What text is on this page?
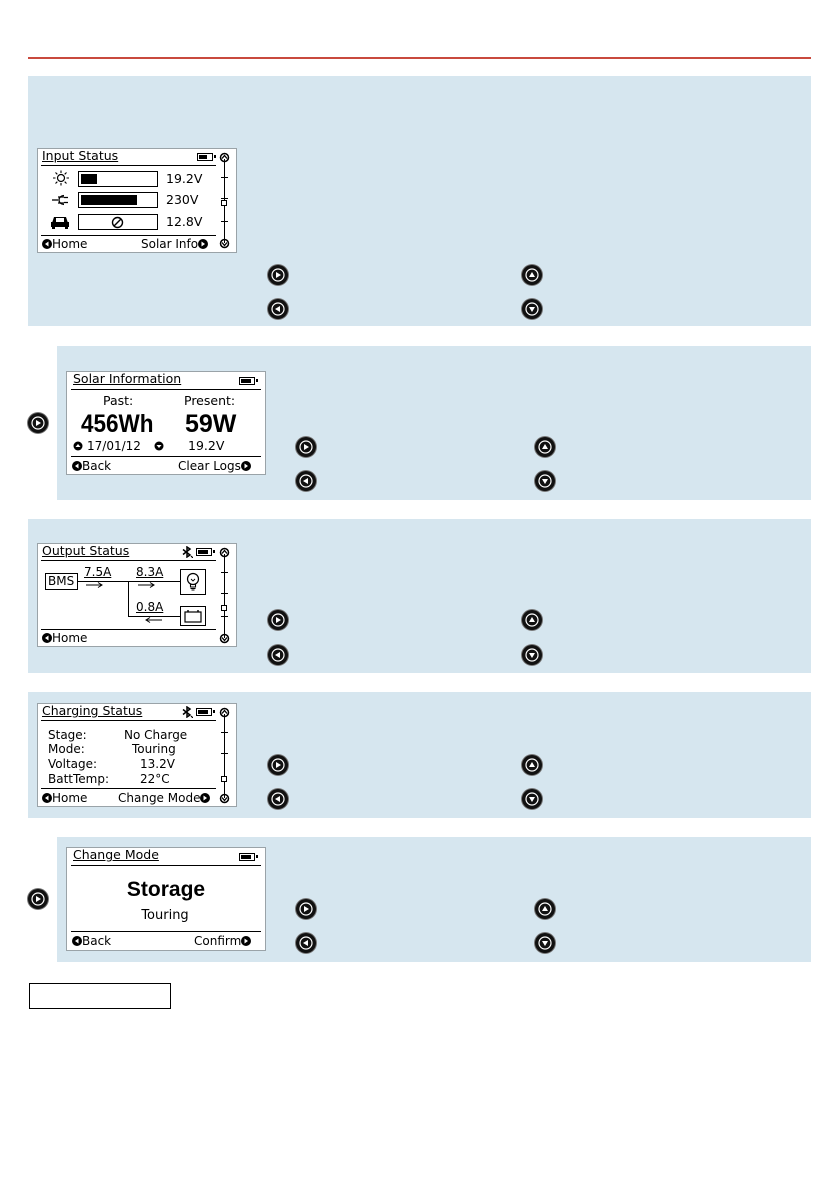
Input Status
19.2V
230V
12.8V
Home	Solar Info
Solar Information
Past:	Present:
456Wh 59W
17/01/12	19.2V
Back	Clear Logs
Output Status
BMS
7.5A 8.3A
0.8A
Home
Charging Status
Stage:	No Charge
Mode:	Touring
Voltage:	13.2V
BattTemp:	22°C
Home	Change Mode
Change Mode
Storage
Touring
Back	Confirm
